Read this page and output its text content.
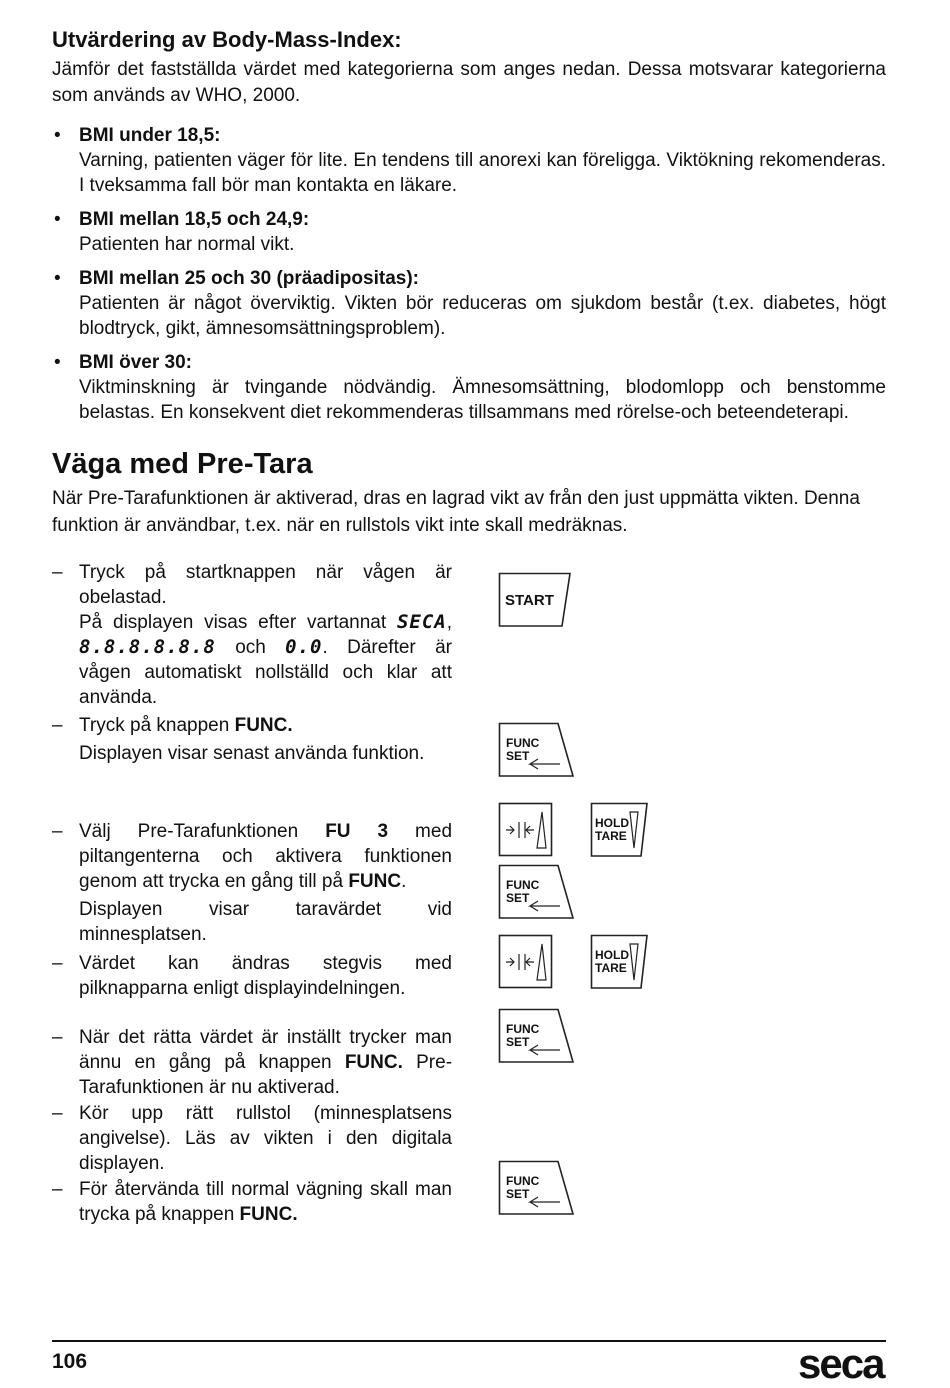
Utvärdering av Body-Mass-Index:

Jämför det fastställda värdet med kategorierna som anges nedan. Dessa motsvarar kategorierna som används av WHO, 2000.

• BMI under 18,5:
Varning, patienten väger för lite. En tendens till anorexi kan föreligga. Viktökning rekomenderas. I tveksamma fall bör man kontakta en läkare.
• BMI mellan 18,5 och 24,9:
Patienten har normal vikt.
• BMI mellan 25 och 30 (präadipositas):
Patienten är något överviktig. Vikten bör reduceras om sjukdom består (t.ex. diabetes, högt blodtryck, gikt, ämnesomsättningsproblem).
• BMI över 30:
Viktminskning är tvingande nödvändig. Ämnesomsättning, blodomlopp och benstomme belastas. En konsekvent diet rekommenderas tillsammans med rörelse-och beteendeterapi.
Väga med Pre-Tara

När Pre-Tarafunktionen är aktiverad, dras en lagrad vikt av från den just uppmätta vikten. Denna funktion är användbar, t.ex. när en rullstols vikt inte skall medräknas.

– Tryck på startknappen när vågen är obelastad.
På displayen visas efter vartannat SECA, 8.8.8.8.8.8 och 0.0. Därefter är vågen automatiskt nollställd och klar att använda.
– Tryck på knappen FUNC.
Displayen visar senast använda funktion.
– Välj Pre-Tarafunktionen FU 3 med piltangenterna och aktivera funktionen genom att trycka en gång till på FUNC.
Displayen visar taravärdet vid minnesplatsen.
– Värdet kan ändras stegvis med pilknapparna enligt displayindelningen.
– När det rätta värdet är inställt trycker man ännu en gång på knappen FUNC. Pre-Tarafunktionen är nu aktiverad.
– Kör upp rätt rullstol (minnesplatsens angivelse). Läs av vikten i den digitala displayen.
– För återvända till normal vägning skall man trycka på knappen FUNC.
START
FUNC
SET
HOLD
TARE
FUNC
SET
HOLD
TARE
FUNC
SET
FUNC
SET
106	seca
